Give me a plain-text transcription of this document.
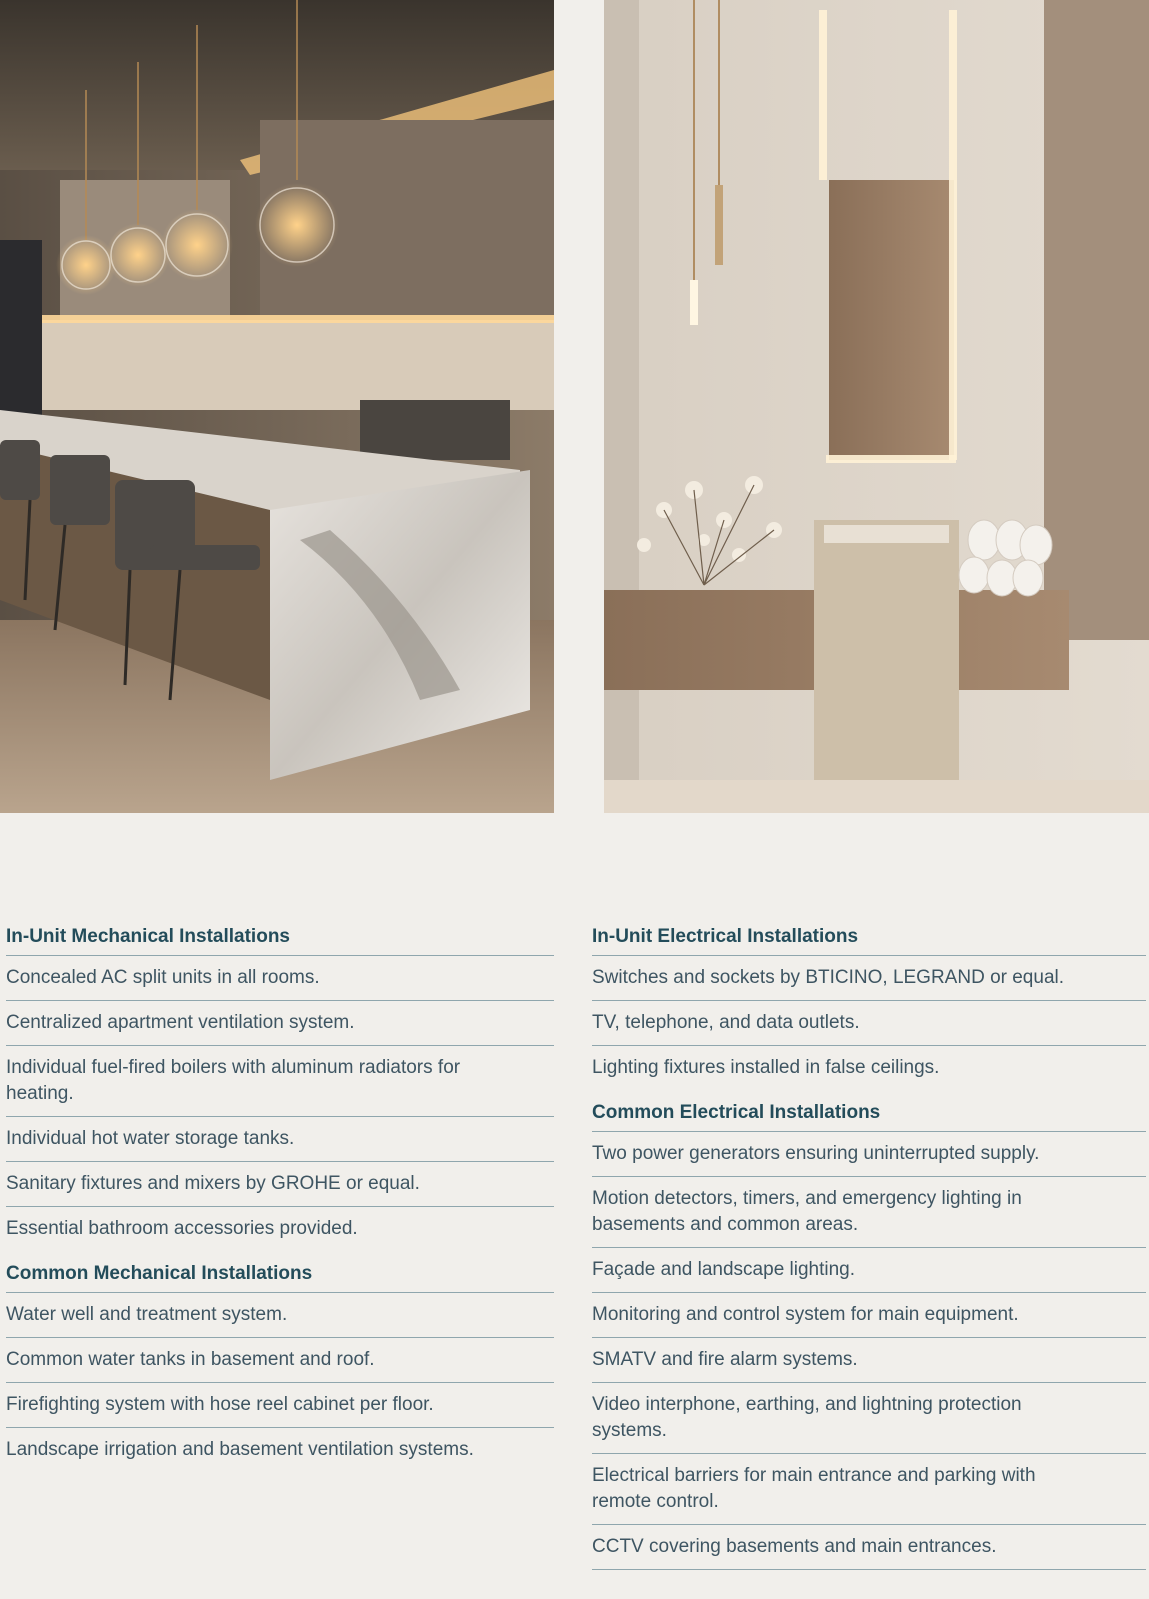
In-Unit Mechanical Installations
Concealed AC split units in all rooms.
Centralized apartment ventilation system.
Individual fuel-fired boilers with aluminum radiators for heating.
Individual hot water storage tanks.
Sanitary fixtures and mixers by GROHE or equal.
Essential bathroom accessories provided.
Common Mechanical Installations
Water well and treatment system.
Common water tanks in basement and roof.
Firefighting system with hose reel cabinet per floor.
Landscape irrigation and basement ventilation systems.
In-Unit Electrical Installations
Switches and sockets by BTICINO, LEGRAND or equal.
TV, telephone, and data outlets.
Lighting fixtures installed in false ceilings.
Common Electrical Installations
Two power generators ensuring uninterrupted supply.
Motion detectors, timers, and emergency lighting in basements and common areas.
Façade and landscape lighting.
Monitoring and control system for main equipment.
SMATV and fire alarm systems.
Video interphone, earthing, and lightning protection systems.
Electrical barriers for main entrance and parking with remote control.
CCTV covering basements and main entrances.
